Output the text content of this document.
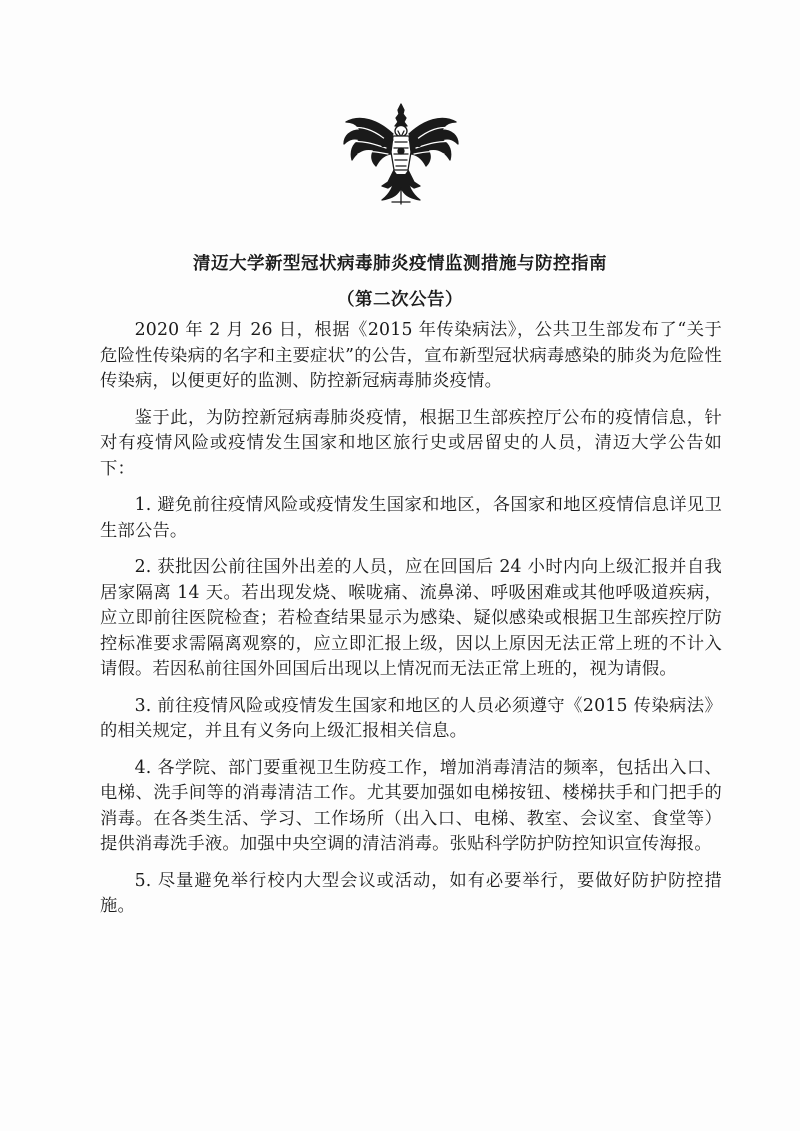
清迈大学新型冠状病毒肺炎疫情监测措施与防控指南
（第二次公告）

2020 年 2 月 26 日，根据《2015 年传染病法》，公共卫生部发布了“关于危险性传染病的名字和主要症状”的公告，宣布新型冠状病毒感染的肺炎为危险性传染病，以便更好的监测、防控新冠病毒肺炎疫情。

鉴于此，为防控新冠病毒肺炎疫情，根据卫生部疾控厅公布的疫情信息，针对有疫情风险或疫情发生国家和地区旅行史或居留史的人员，清迈大学公告如下：

1. 避免前往疫情风险或疫情发生国家和地区，各国家和地区疫情信息详见卫生部公告。

2. 获批因公前往国外出差的人员，应在回国后 24 小时内向上级汇报并自我居家隔离 14 天。若出现发烧、喉咙痛、流鼻涕、呼吸困难或其他呼吸道疾病，应立即前往医院检查；若检查结果显示为感染、疑似感染或根据卫生部疾控厅防控标准要求需隔离观察的，应立即汇报上级，因以上原因无法正常上班的不计入请假。若因私前往国外回国后出现以上情况而无法正常上班的，视为请假。

3. 前往疫情风险或疫情发生国家和地区的人员必须遵守《2015 传染病法》的相关规定，并且有义务向上级汇报相关信息。

4. 各学院、部门要重视卫生防疫工作，增加消毒清洁的频率，包括出入口、电梯、洗手间等的消毒清洁工作。尤其要加强如电梯按钮、楼梯扶手和门把手的消毒。在各类生活、学习、工作场所（出入口、电梯、教室、会议室、食堂等）提供消毒洗手液。加强中央空调的清洁消毒。张贴科学防护防控知识宣传海报。

5. 尽量避免举行校内大型会议或活动，如有必要举行，要做好防护防控措施。
